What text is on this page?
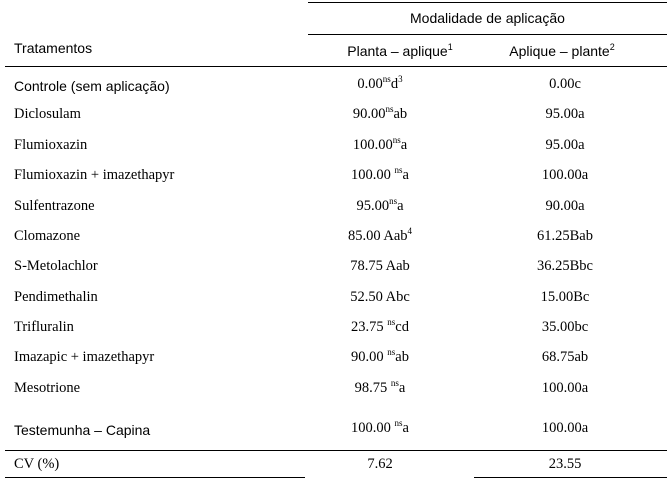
Modalidade de aplicação
Tratamentos	Planta – aplique$^1$	Aplique – plante$^2$
Controle (sem aplicação)	$0.00^{ns}d^3$	0.00c
Diclosulam	$90.00^{ns}ab$	95.00a
Flumioxazin	$100.00^{ns}a$	95.00a
Flumioxazin + imazethapyr	100.00 $^{ns}$a	100.00a
Sulfentrazone	$95.00^{ns}a$	90.00a
Clomazone	85.00 Aab$^4$	61.25Bab
S-Metolachlor	78.75 Aab	36.25Bbc
Pendimethalin	52.50 Abc	15.00Bc
Trifluralin	23.75 $^{ns}$cd	35.00bc
Imazapic + imazethapyr	90.00 $^{ns}$ab	68.75ab
Mesotrione	98.75 $^{ns}$a	100.00a
Testemunha – Capina	100.00 $^{ns}$a	100.00a
CV (%)	7.62	23.55
